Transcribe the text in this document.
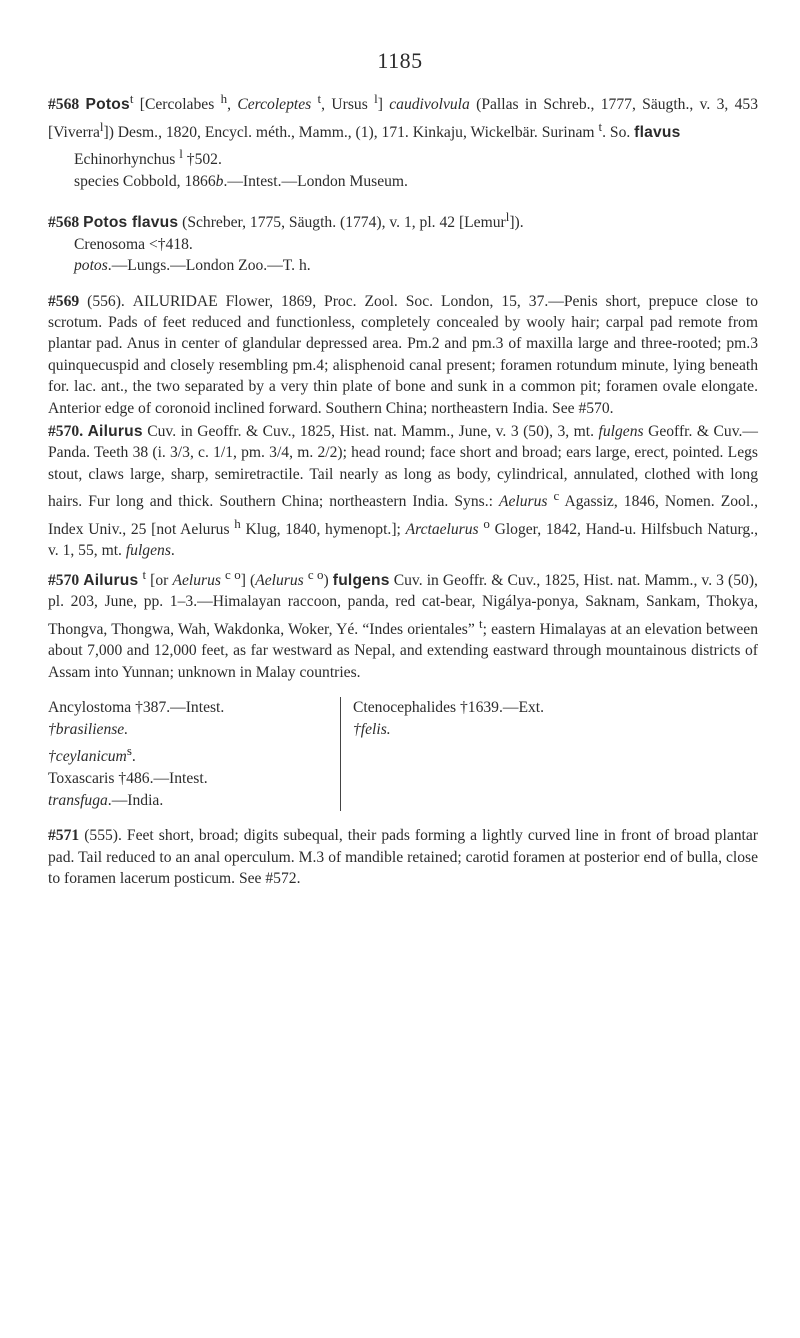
1185

#568 Potos$^t$ [Cercolabes $^h$, Cercoleptes $^t$, Ursus $^l$] caudivolvula (Pallas in Schreb., 1777, Säugth., v. 3, 453 [Viverra$^l$]) Desm., 1820, Encycl. méth., Mamm., (1), 171. Kinkaju, Wickelbär. Surinam $^t$. So. flavus

Echinorhynchus $^l$ †502.

species Cobbold, 1866b.—Intest.—London Museum.

#568 Potos flavus (Schreber, 1775, Säugth. (1774), v. 1, pl. 42 [Lemur$^l$]).

Crenosoma <†418.

potos.—Lungs.—London Zoo.—T. h.

#569 (556). AILURIDAE Flower, 1869, Proc. Zool. Soc. London, 15, 37.—Penis short, prepuce close to scrotum. Pads of feet reduced and functionless, completely concealed by wooly hair; carpal pad remote from plantar pad. Anus in center of glandular depressed area. Pm.2 and pm.3 of maxilla large and three-rooted; pm.3 quinquecuspid and closely resembling pm.4; alisphenoid canal present; foramen rotundum minute, lying beneath for. lac. ant., the two separated by a very thin plate of bone and sunk in a common pit; foramen ovale elongate. Anterior edge of coronoid inclined forward. Southern China; northeastern India. See #570.

#570. Ailurus Cuv. in Geoffr. & Cuv., 1825, Hist. nat. Mamm., June, v. 3 (50), 3, mt. fulgens Geoffr. & Cuv.—Panda. Teeth 38 (i. 3/3, c. 1/1, pm. 3/4, m. 2/2); head round; face short and broad; ears large, erect, pointed. Legs stout, claws large, sharp, semiretractile. Tail nearly as long as body, cylindrical, annulated, clothed with long hairs. Fur long and thick. Southern China; northeastern India. Syns.: Aelurus $^c$ Agassiz, 1846, Nomen. Zool., Index Univ., 25 [not Aelurus $^h$ Klug, 1840, hymenopt.]; Arctaelurus $^o$ Gloger, 1842, Hand-u. Hilfsbuch Naturg., v. 1, 55, mt. fulgens.

#570 Ailurus $^t$ [or Aelurus $^{c o}$] (Aelurus $^{c o}$) fulgens Cuv. in Geoffr. & Cuv., 1825, Hist. nat. Mamm., v. 3 (50), pl. 203, June, pp. 1–3.—Himalayan raccoon, panda, red cat-bear, Nigálya-ponya, Saknam, Sankam, Thokya, Thongva, Thongwa, Wah, Wakdonka, Woker, Yé. “Indes orientales” $^t$; eastern Himalayas at an elevation between about 7,000 and 12,000 feet, as far westward as Nepal, and extending eastward through mountainous districts of Assam into Yunnan; unknown in Malay countries.

Ancylostoma †387.—Intest.
†brasiliense.
†ceylanicum$^s$.
Toxascaris †486.—Intest.
transfuga.—India.
Ctenocephalides †1639.—Ext.
†felis.

#571 (555). Feet short, broad; digits subequal, their pads forming a lightly curved line in front of broad plantar pad. Tail reduced to an anal operculum. M.3 of mandible retained; carotid foramen at posterior end of bulla, close to foramen lacerum posticum. See #572.
